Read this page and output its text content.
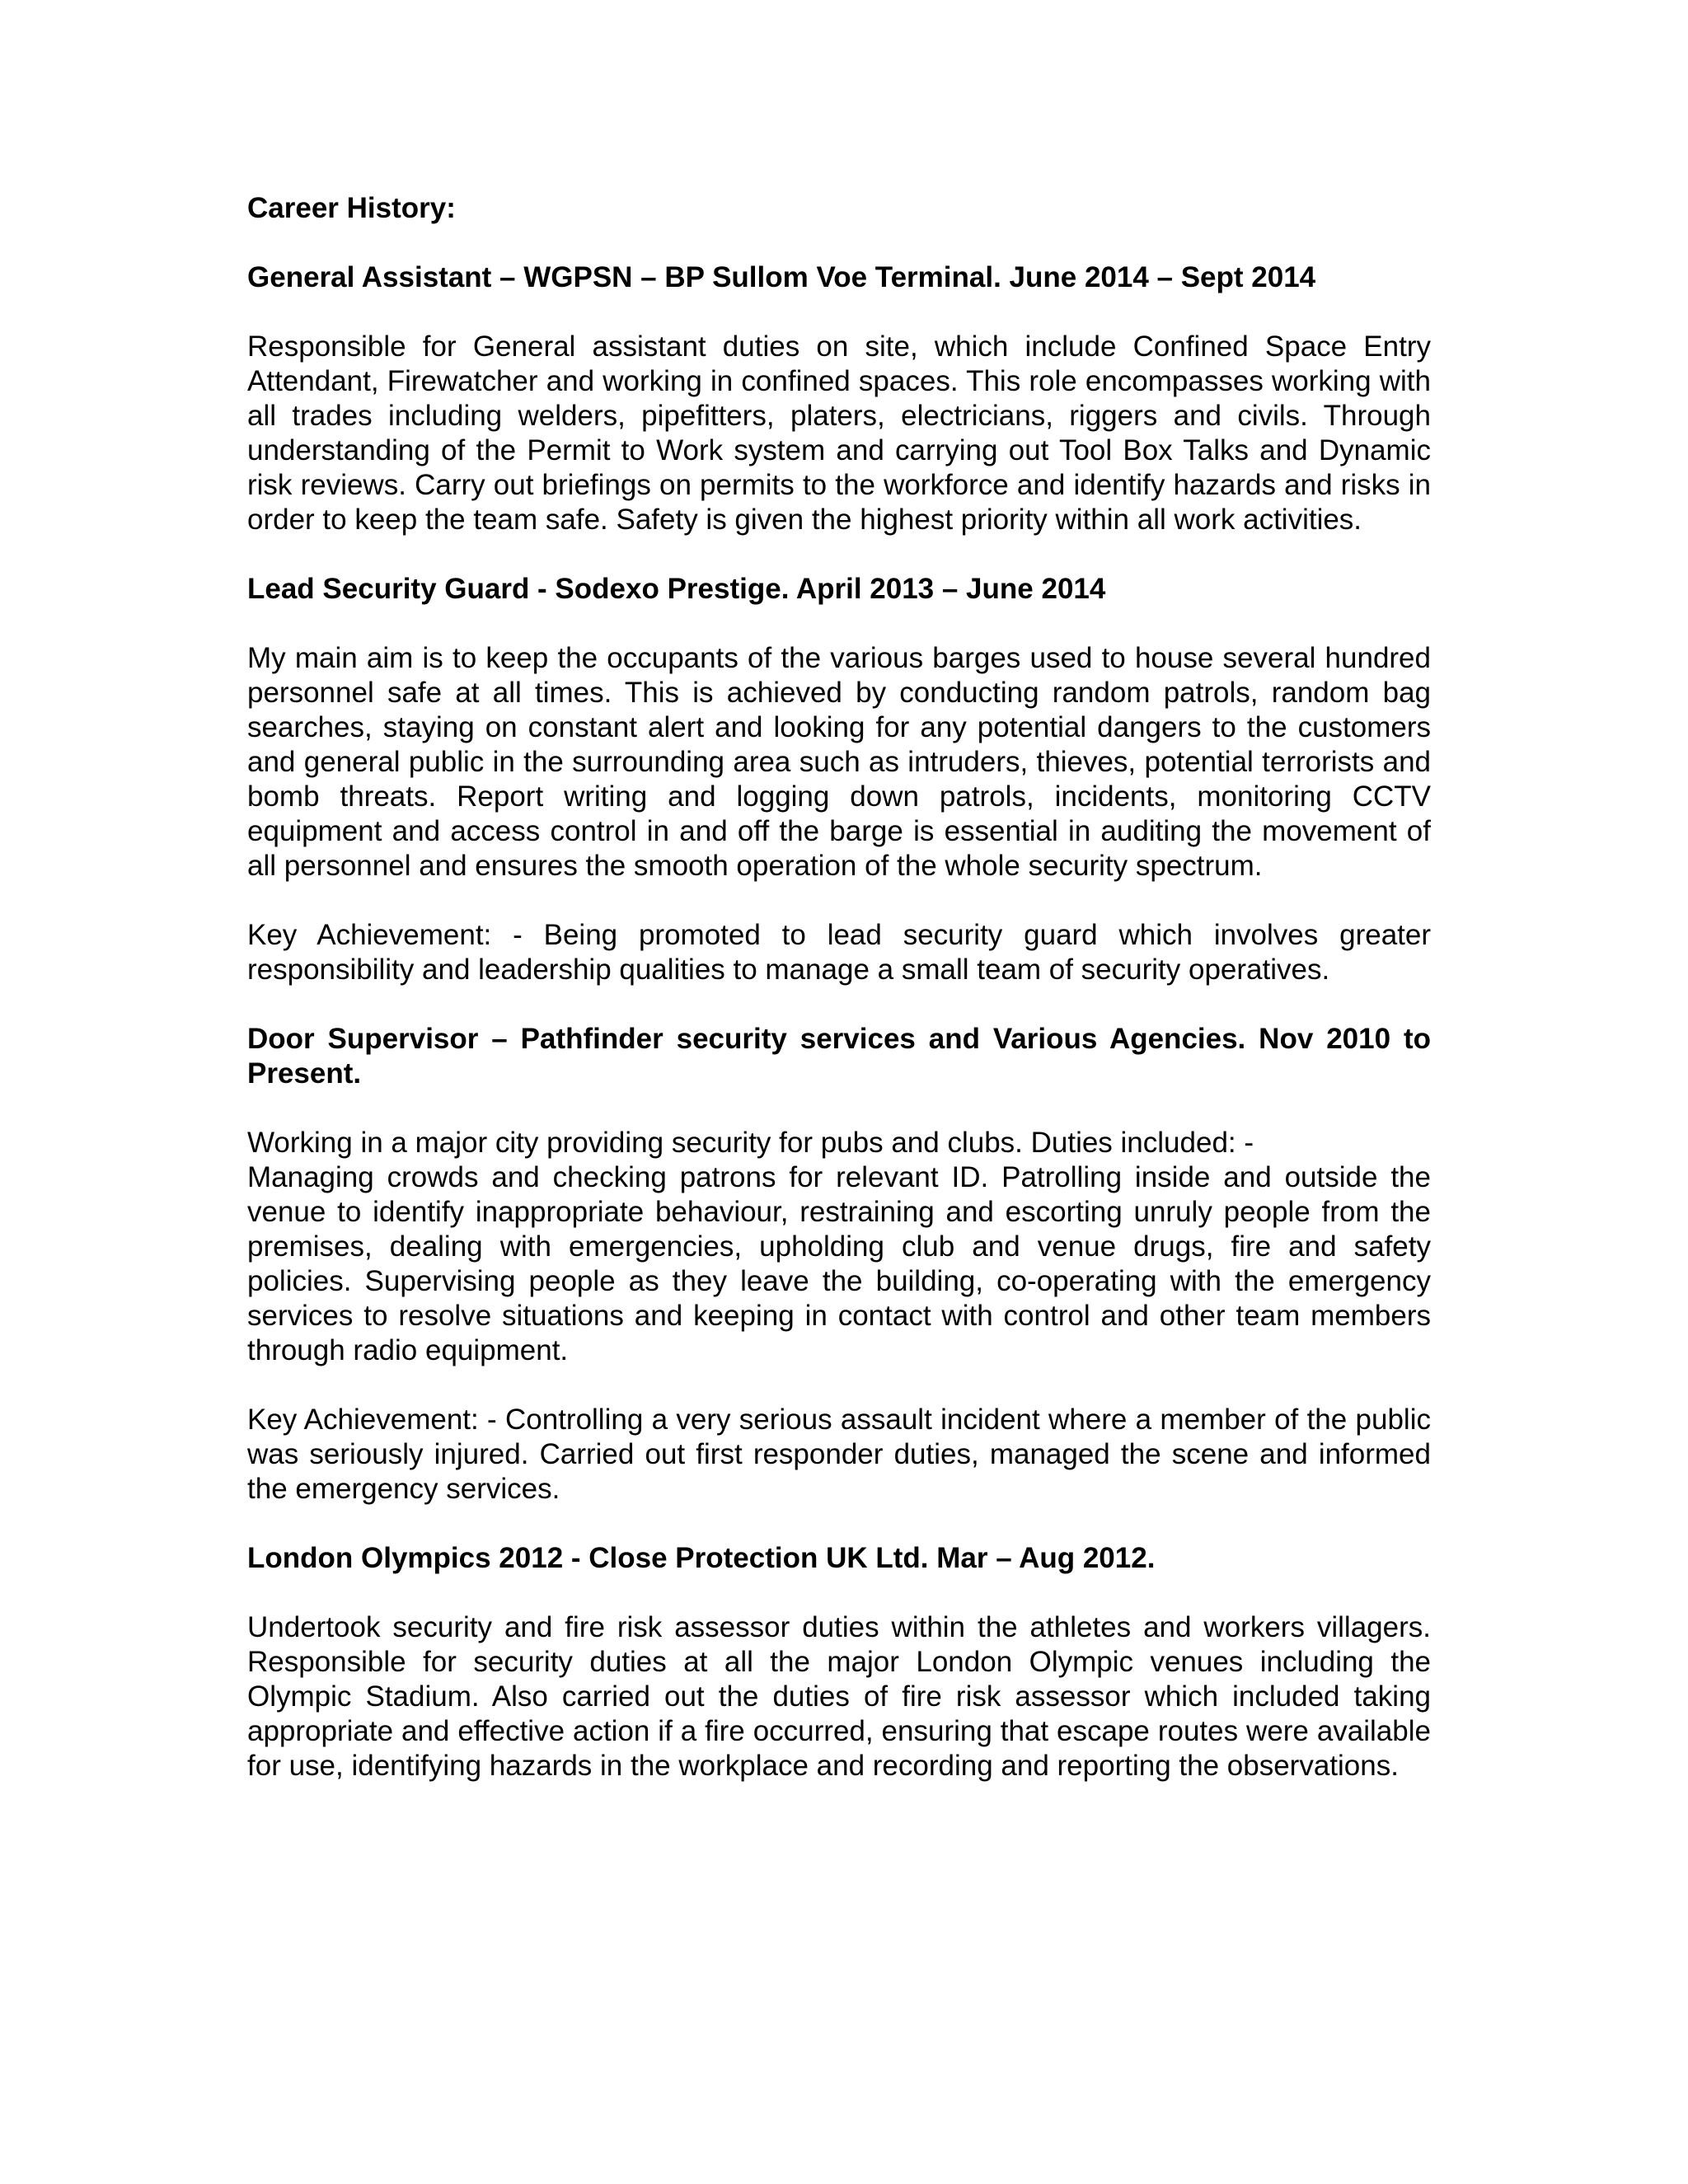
Career History:

General Assistant – WGPSN – BP Sullom Voe Terminal. June 2014 – Sept 2014

Responsible for General assistant duties on site, which include Confined Space Entry Attendant, Firewatcher and working in confined spaces. This role encompasses working with all trades including welders, pipefitters, platers, electricians, riggers and civils. Through understanding of the Permit to Work system and carrying out Tool Box Talks and Dynamic risk reviews. Carry out briefings on permits to the workforce and identify hazards and risks in order to keep the team safe. Safety is given the highest priority within all work activities.

Lead Security Guard - Sodexo Prestige. April 2013 – June 2014

My main aim is to keep the occupants of the various barges used to house several hundred personnel safe at all times. This is achieved by conducting random patrols, random bag searches, staying on constant alert and looking for any potential dangers to the customers and general public in the surrounding area such as intruders, thieves, potential terrorists and bomb threats. Report writing and logging down patrols, incidents, monitoring CCTV equipment and access control in and off the barge is essential in auditing the movement of all personnel and ensures the smooth operation of the whole security spectrum.

Key Achievement: - Being promoted to lead security guard which involves greater responsibility and leadership qualities to manage a small team of security operatives.

Door Supervisor – Pathfinder security services and Various Agencies. Nov 2010 to Present.

Working in a major city providing security for pubs and clubs. Duties included: -

Managing crowds and checking patrons for relevant ID. Patrolling inside and outside the venue to identify inappropriate behaviour, restraining and escorting unruly people from the premises, dealing with emergencies, upholding club and venue drugs, fire and safety policies. Supervising people as they leave the building, co-operating with the emergency services to resolve situations and keeping in contact with control and other team members through radio equipment.

Key Achievement: - Controlling a very serious assault incident where a member of the public was seriously injured. Carried out first responder duties, managed the scene and informed the emergency services.

London Olympics 2012 - Close Protection UK Ltd. Mar – Aug 2012.

Undertook security and fire risk assessor duties within the athletes and workers villagers. Responsible for security duties at all the major London Olympic venues including the Olympic Stadium. Also carried out the duties of fire risk assessor which included taking appropriate and effective action if a fire occurred, ensuring that escape routes were available for use, identifying hazards in the workplace and recording and reporting the observations.
